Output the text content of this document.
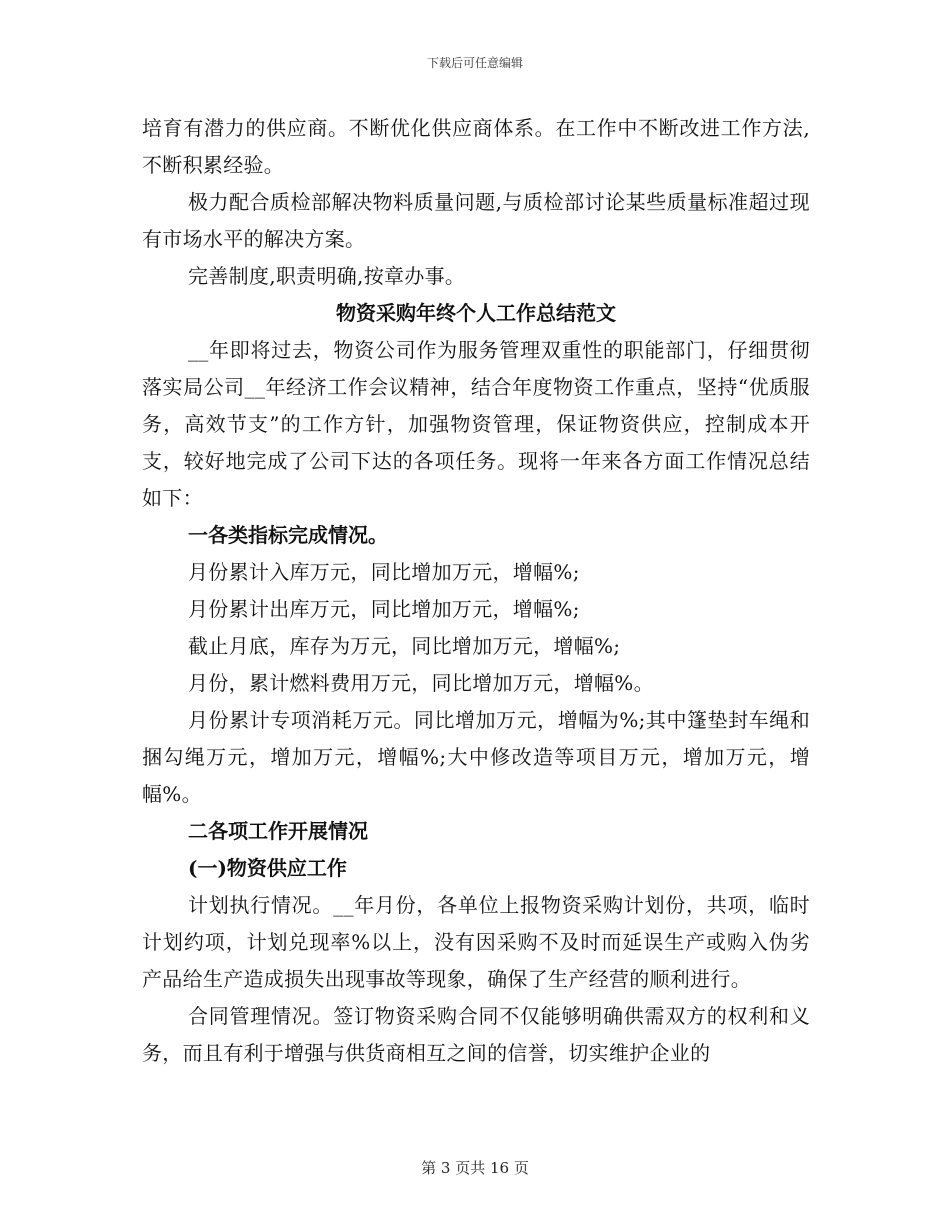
下载后可任意编辑

培育有潜力的供应商。不断优化供应商体系。在工作中不断改进工作方法,不断积累经验。

极力配合质检部解决物料质量问题,与质检部讨论某些质量标准超过现有市场水平的解决方案。

完善制度,职责明确,按章办事。

物资采购年终个人工作总结范文

__年即将过去，物资公司作为服务管理双重性的职能部门，仔细贯彻落实局公司__年经济工作会议精神，结合年度物资工作重点，坚持“优质服务，高效节支”的工作方针，加强物资管理，保证物资供应，控制成本开支，较好地完成了公司下达的各项任务。现将一年来各方面工作情况总结如下：

一各类指标完成情况。

月份累计入库万元，同比增加万元，增幅%;

月份累计出库万元，同比增加万元，增幅%;

截止月底，库存为万元，同比增加万元，增幅%;

月份，累计燃料费用万元，同比增加万元，增幅%。

月份累计专项消耗万元。同比增加万元，增幅为%;其中篷垫封车绳和捆勾绳万元，增加万元，增幅%;大中修改造等项目万元，增加万元，增幅%。

二各项工作开展情况

(一)物资供应工作

计划执行情况。__年月份，各单位上报物资采购计划份，共项，临时计划约项，计划兑现率%以上，没有因采购不及时而延误生产或购入伪劣产品给生产造成损失出现事故等现象，确保了生产经营的顺利进行。

合同管理情况。签订物资采购合同不仅能够明确供需双方的权利和义务，而且有利于增强与供货商相互之间的信誉，切实维护企业的

第 3 页共 16 页
